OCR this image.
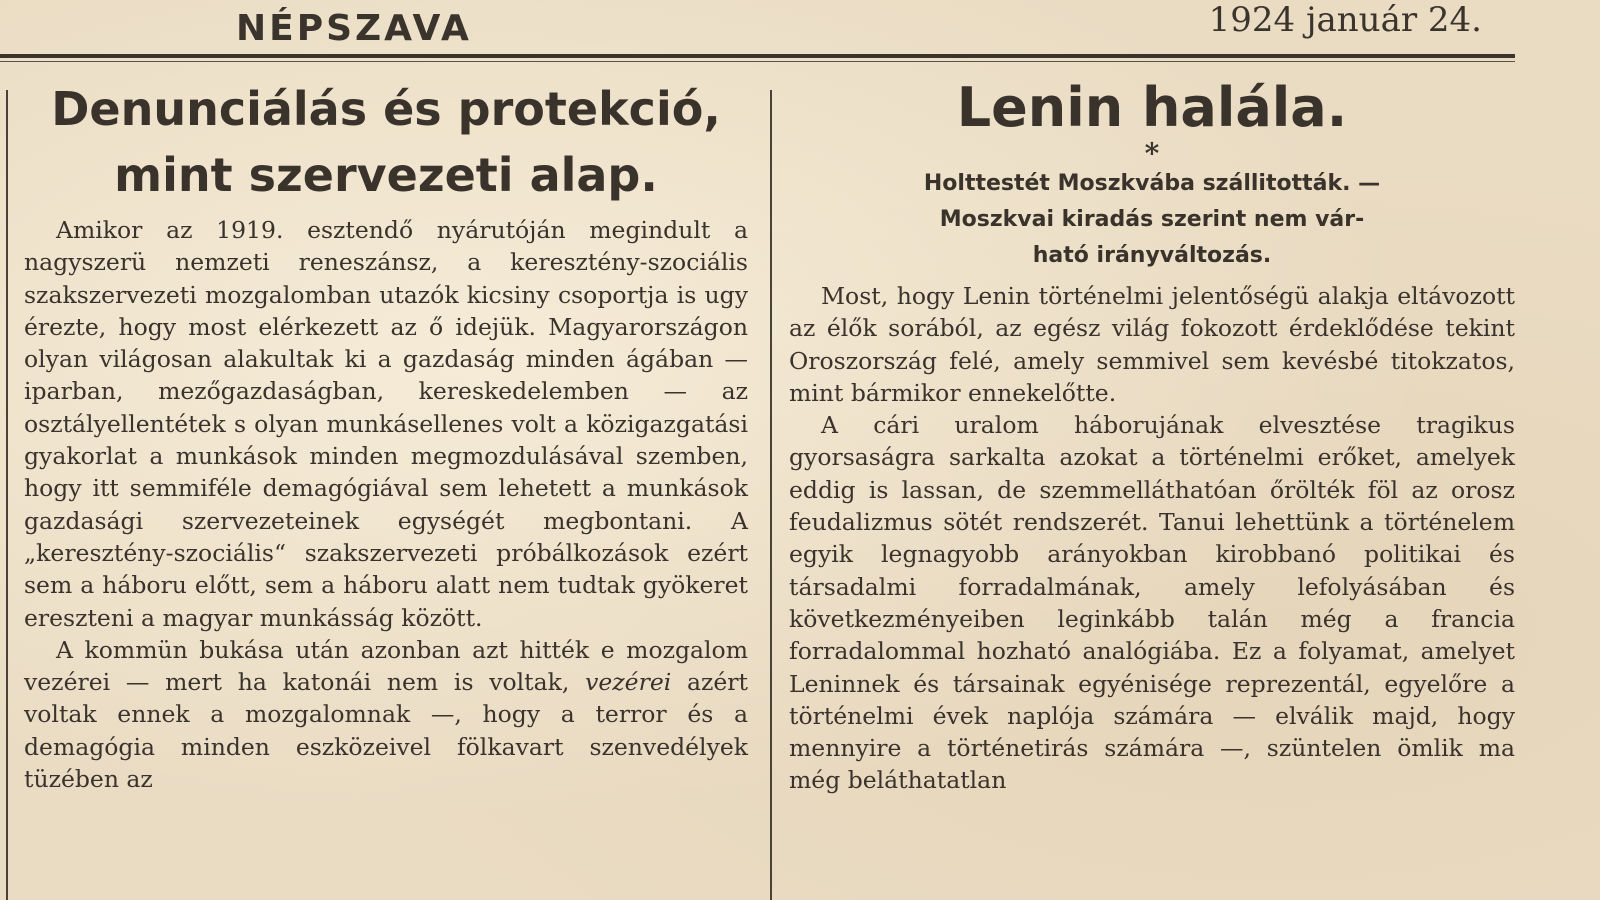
NÉPSZAVA	1924 január 24.
Denunciálás és protekció,
mint szervezeti alap.

Amikor az 1919. esztendő nyárutóján megindult a nagyszerü nemzeti reneszánsz, a keresztény-szociális szakszervezeti mozgalomban utazók kicsiny csoportja is ugy érezte, hogy most elérkezett az ő idejük. Magyarországon olyan világosan alakultak ki a gazdaság minden ágában — iparban, mezőgazdaságban, kereskedelemben — az osztályellentétek s olyan munkásellenes volt a közigazgatási gyakorlat a munkások minden megmozdulásával szemben, hogy itt semmiféle demagógiával sem lehetett a munkások gazdasági szervezeteinek egységét megbontani. A „keresztény-szociális“ szakszervezeti próbálkozások ezért sem a háboru előtt, sem a háboru alatt nem tudtak gyökeret ereszteni a magyar munkásság között.

A kommün bukása után azonban azt hitték e mozgalom vezérei — mert ha katonái nem is voltak, vezérei azért voltak ennek a mozgalomnak —, hogy a terror és a demagógia minden eszközeivel fölkavart szenvedélyek tüzében az

Lenin halála.
*
Holttestét Moszkvába szállitották. —
Moszkvai kiradás szerint nem vár-
ható irányváltozás.

Most, hogy Lenin történelmi jelentőségü alakja eltávozott az élők sorából, az egész világ fokozott érdeklődése tekint Oroszország felé, amely semmivel sem kevésbé titokzatos, mint bármikor ennekelőtte.

A cári uralom háborujának elvesztése tragikus gyorsaságra sarkalta azokat a történelmi erőket, amelyek eddig is lassan, de szemmelláthatóan őrölték föl az orosz feudalizmus sötét rendszerét. Tanui lehettünk a történelem egyik legnagyobb arányokban kirobbanó politikai és társadalmi forradalmának, amely lefolyásában és következményeiben leginkább talán még a francia forradalommal hozható analógiába. Ez a folyamat, amelyet Leninnek és társainak egyénisége reprezentál, egyelőre a történelmi évek naplója számára — elválik majd, hogy mennyire a történetirás számára —, szüntelen ömlik ma még beláthatatlan
